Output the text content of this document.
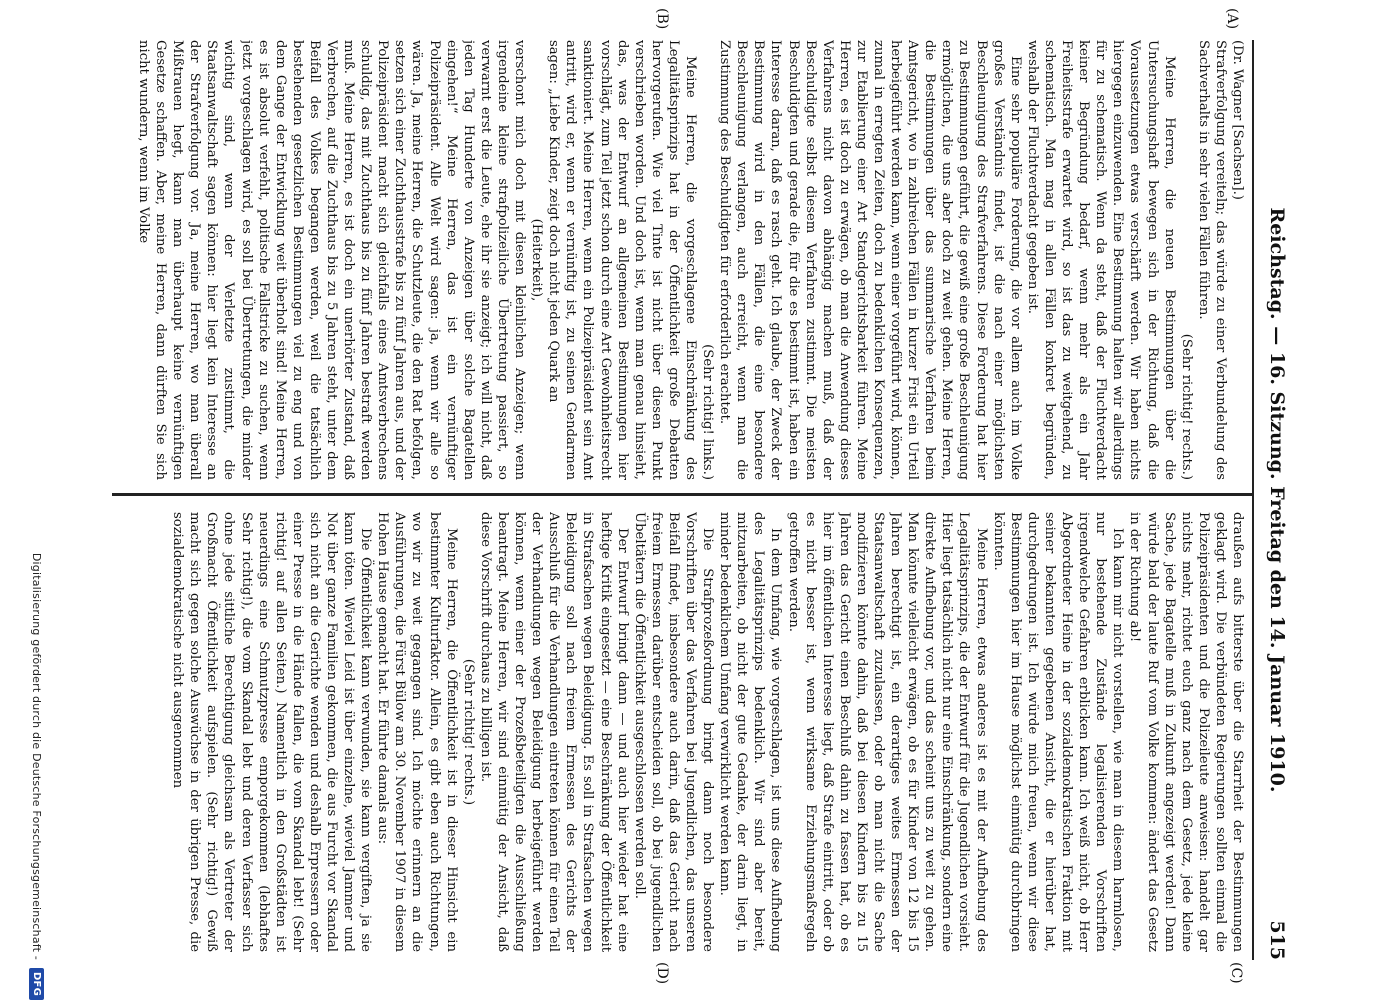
Reichstag. — 16. Sitzung. Freitag den 14. Januar 1910.
515
(A)
(B)
(C)
(D)

(Dr. Wagner [Sachsen].)

Strafverfolgung vereiteln; das würde zu einer Verbundelung des Sachverhalts in sehr vielen Fällen führen.

(Sehr richtig! rechts.)

Meine Herren, die neuen Bestimmungen über die Untersuchungshaft bewegen sich in der Richtung, daß die Voraussetzungen etwas verschärft werden. Wir haben nichts hiergegen einzuwenden. Eine Bestimmung halten wir allerdings für zu schematisch. Wenn da steht, daß der Fluchtverdacht keiner Begründung bedarf, wenn mehr als ein Jahr Freiheitsstrafe erwartet wird, so ist das zu weitgehend, zu schematisch. Man mag in allen Fällen konkret begründen, weshalb der Fluchtverdacht gegeben ist.

Eine sehr populäre Forderung, die vor allem auch im Volke großes Verständnis findet, ist die nach einer möglichsten Beschleunigung des Strafverfahrens. Diese Forderung hat hier zu Bestimmungen geführt, die gewiß eine große Beschleunigung ermöglichen, die uns aber doch zu weit gehen. Meine Herren, die Bestimmungen über das summarische Verfahren beim Amtsgericht, wo in zahlreichen Fällen in kurzer Frist ein Urteil herbeigeführt werden kann, wenn einer vorgeführt wird, können, zumal in erregten Zeiten, doch zu bedenklichen Konsequenzen, zur Etablierung einer Art Standgerichtsbarkeit führen. Meine Herren, es ist doch zu erwägen, ob man die Anwendung dieses Verfahrens nicht davon abhängig machen muß, daß der Beschuldigte selbst diesem Verfahren zustimmt. Die meisten Beschuldigten und gerade die, für die es bestimmt ist, haben ein Interesse daran, daß es rasch geht. Ich glaube, der Zweck der Bestimmung wird in den Fällen, die eine besondere Beschleunigung verlangen, auch erreicht, wenn man die Zustimmung des Beschuldigten für erforderlich erachtet.

(Sehr richtig! links.)

Meine Herren, die vorgeschlagene Einschränkung des Legalitätsprinzips hat in der Öffentlichkeit große Debatten hervorgerufen. Wie viel Tinte ist nicht über diesen Punkt verschrieben worden. Und doch ist, wenn man genau hinsieht, das, was der Entwurf an allgemeinen Bestimmungen hier vorschlägt, zum Teil jetzt schon durch eine Art Gewohnheitsrecht sanktioniert. Meine Herren, wenn ein Polizeipräsident sein Amt antritt, wird er, wenn er vernünftig ist, zu seinen Gendarmen sagen: „Liebe Kinder, zeigt doch nicht jeden Quark an

(Heiterkeit),

verschont mich doch mit diesen kleinlichen Anzeigen; wenn irgendeine kleine strafpolizeiliche Übertretung passiert, so verwarnt erst die Leute, ehe ihr sie anzeigt; ich will nicht, daß jeden Tag Hunderte von Anzeigen über solche Bagatellen eingehen!“ Meine Herren, das ist ein vernünftiger Polizeipräsident. Alle Welt wird sagen: ja, wenn wir alle so wären. Ja, meine Herren, die Schutzleute, die den Rat befolgen, setzen sich einer Zuchthausstrafe bis zu fünf Jahren aus, und der Polizeipräsident macht sich gleichfalls eines Amtsverbrechens schuldig, das mit Zuchthaus bis zu fünf Jahren bestraft werden muß. Meine Herren, es ist doch ein unerhörter Zustand, daß Verbrechen, auf die Zuchthaus bis zu 5 Jahren steht, unter dem Beifall des Volkes begangen werden, weil die tatsächlich bestehenden gesetzlichen Bestimmungen viel zu eng und von dem Gange der Entwicklung weit überholt sind! Meine Herren, es ist absolut verfehlt, politische Fallstricke zu suchen, wenn jetzt vorgeschlagen wird, es soll bei Übertretungen, die minder wichtig sind, wenn der Verletzte zustimmt, die Staatsanwaltschaft sagen können: hier liegt kein Interesse an der Strafverfolgung vor. Ja, meine Herren, wo man überall Mißtrauen hegt, kann man überhaupt keine vernünftigen Gesetze schaffen. Aber, meine Herren, dann dürften Sie sich nicht wundern, wenn im Volke

draußen aufs bitterste über die Starrheit der Bestimmungen geklagt wird. Die verbündeten Regierungen sollten einmal die Polizeipräsidenten und die Polizeileute anweisen: handelt gar nichts mehr, richtet euch ganz nach dem Gesetz, jede kleine Sache, jede Bagatelle muß in Zukunft angezeigt werden! Dann würde bald der laute Ruf vom Volke kommen: ändert das Gesetz in der Richtung ab!

Ich kann mir nicht vorstellen, wie man in diesem harmlosen, nur bestehende Zustände legalisierenden Vorschriften irgendwelche Gefahren erblicken kann. Ich weiß nicht, ob Herr Abgeordneter Heine in der sozialdemokratischen Fraktion mit seiner bekannten gegebenen Ansicht, die er hierüber hat, durchgedrungen ist. Ich würde mich freuen, wenn wir diese Bestimmungen hier im Hause möglichst einmütig durchbringen könnten.

Meine Herren, etwas anderes ist es mit der Aufhebung des Legalitätsprinzips, die der Entwurf für die Jugendlichen vorsieht. Hier liegt tatsächlich nicht nur eine Einschränkung, sondern eine direkte Aufhebung vor, und das scheint uns zu weit zu gehen. Man könnte vielleicht erwägen, ob es für Kinder von 12 bis 15 Jahren berechtigt ist, ein derartiges weites Ermessen der Staatsanwaltschaft zuzulassen, oder ob man nicht die Sache modifizieren könnte dahin, daß bei diesen Kindern bis zu 15 Jahren das Gericht einen Beschluß dahin zu fassen hat, ob es hier im öffentlichen Interesse liegt, daß Strafe eintritt, oder ob es nicht besser ist, wenn wirksame Erziehungsmaßregeln getroffen werden.

In dem Umfang, wie vorgeschlagen, ist uns diese Aufhebung des Legalitätsprinzips bedenklich. Wir sind aber bereit, mitzuarbeiten, ob nicht der gute Gedanke, der darin liegt, in minder bedenklichem Umfang verwirklicht werden kann.

Die Strafprozeßordnung bringt dann noch besondere Vorschriften über das Verfahren bei Jugendlichen, das unseren Beifall findet, insbesondere auch darin, daß das Gericht nach freiem Ermessen darüber entscheiden soll, ob bei jugendlichen Übeltätern die Öffentlichkeit ausgeschlossen werden soll.

Der Entwurf bringt dann — und auch hier wieder hat eine heftige Kritik eingesetzt — eine Beschränkung der Öffentlichkeit in Strafsachen wegen Beleidigung. Es soll in Strafsachen wegen Beleidigung soll nach freiem Ermessen des Gerichts der Ausschluß für die Verhandlungen eintreten können für einen Teil der Verhandlungen wegen Beleidigung herbeigeführt werden können, wenn einer der Prozeßbeteiligten die Ausschließung beantragt. Meine Herren, wir sind einmütig der Ansicht, daß diese Vorschrift durchaus zu billigen ist.

(Sehr richtig! rechts.)

Meine Herren, die Öffentlichkeit ist in dieser Hinsicht ein bestimmter Kulturfaktor. Allein, es gibt eben auch Richtungen, wo wir zu weit gegangen sind. Ich möchte erinnern an die Ausführungen, die Fürst Bülow am 30. November 1907 in diesem Hohen Hause gemacht hat. Er führte damals aus:

Die Öffentlichkeit kann verwunden, sie kann vergiften, ja sie kann töten. Wieviel Leid ist über einzelne, wieviel Jammer und Not über ganze Familien gekommen, die aus Furcht vor Skandal sich nicht an die Gerichte wenden und deshalb Erpressern oder einer Presse in die Hände fallen, die vom Skandal lebt! (Sehr richtig! auf allen Seiten.) Namentlich in den Großstädten ist neuerdings eine Schmutzpresse emporgekommen (lebhaftes Sehr richtig!), die vom Skandal lebt und deren Verfasser sich ohne jede sittliche Berechtigung gleichsam als Vertreter der Großmacht Öffentlichkeit aufspielen. (Sehr richtig!) Gewiß macht sich gegen solche Auswüchse in der übrigen Presse, die sozialdemokratische nicht ausgenommen

Digitalisierung gefördert durch die Deutsche Forschungsgemeinschaft -
DFG
